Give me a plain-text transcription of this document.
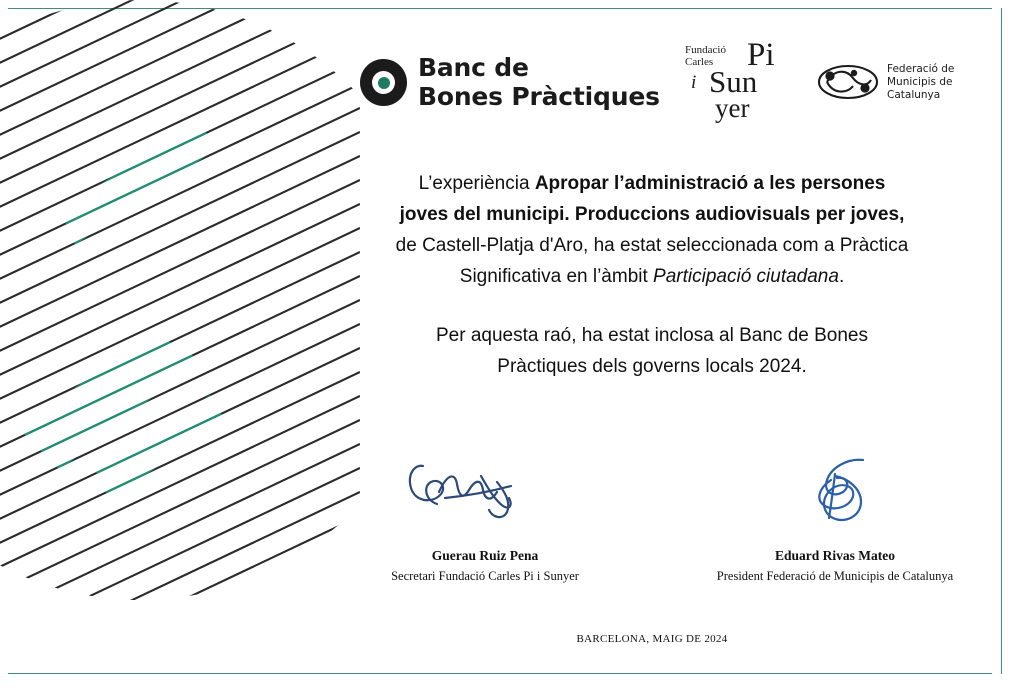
Banc de
Bones Pràctiques
Fundació
Carles Pi
i Sun
yer
Federació de
Municipis de
Catalunya
L’experiència Apropar l’administració a les persones joves del municipi. Produccions audiovisuals per joves, de Castell-Platja d'Aro, ha estat seleccionada com a Pràctica Significativa en l’àmbit Participació ciutadana.
Per aquesta raó, ha estat inclosa al Banc de Bones Pràctiques dels governs locals 2024.
Guerau Ruiz Pena
Secretari Fundació Carles Pi i Sunyer
Eduard Rivas Mateo
President Federació de Municipis de Catalunya
BARCELONA, MAIG DE 2024
